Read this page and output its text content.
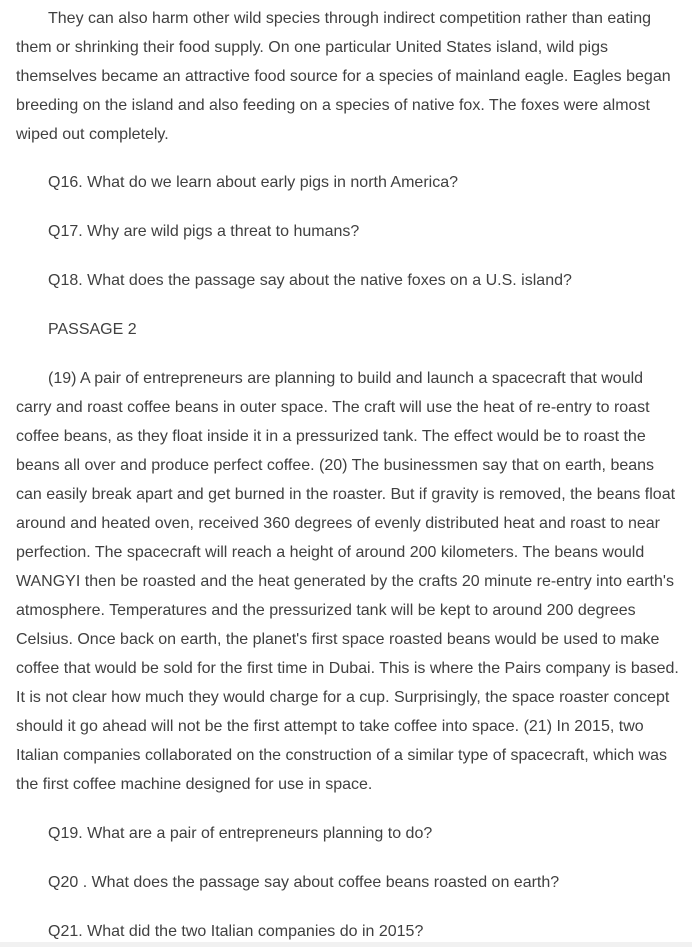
They can also harm other wild species through indirect competition rather than eating them or shrinking their food supply. On one particular United States island, wild pigs themselves became an attractive food source for a species of mainland eagle. Eagles began breeding on the island and also feeding on a species of native fox. The foxes were almost wiped out completely.

Q16. What do we learn about early pigs in north America?

Q17. Why are wild pigs a threat to humans?

Q18. What does the passage say about the native foxes on a U.S. island?

PASSAGE 2

(19) A pair of entrepreneurs are planning to build and launch a spacecraft that would carry and roast coffee beans in outer space. The craft will use the heat of re-entry to roast coffee beans, as they float inside it in a pressurized tank. The effect would be to roast the beans all over and produce perfect coffee. (20) The businessmen say that on earth, beans can easily break apart and get burned in the roaster. But if gravity is removed, the beans float around and heated oven, received 360 degrees of evenly distributed heat and roast to near perfection. The spacecraft will reach a height of around 200 kilometers. The beans would WANGYI then be roasted and the heat generated by the crafts 20 minute re-entry into earth's atmosphere. Temperatures and the pressurized tank will be kept to around 200 degrees Celsius. Once back on earth, the planet's first space roasted beans would be used to make coffee that would be sold for the first time in Dubai. This is where the Pairs company is based. It is not clear how much they would charge for a cup. Surprisingly, the space roaster concept should it go ahead will not be the first attempt to take coffee into space. (21) In 2015, two Italian companies collaborated on the construction of a similar type of spacecraft, which was the first coffee machine designed for use in space.

Q19. What are a pair of entrepreneurs planning to do?

Q20 . What does the passage say about coffee beans roasted on earth?

Q21. What did the two Italian companies do in 2015?
